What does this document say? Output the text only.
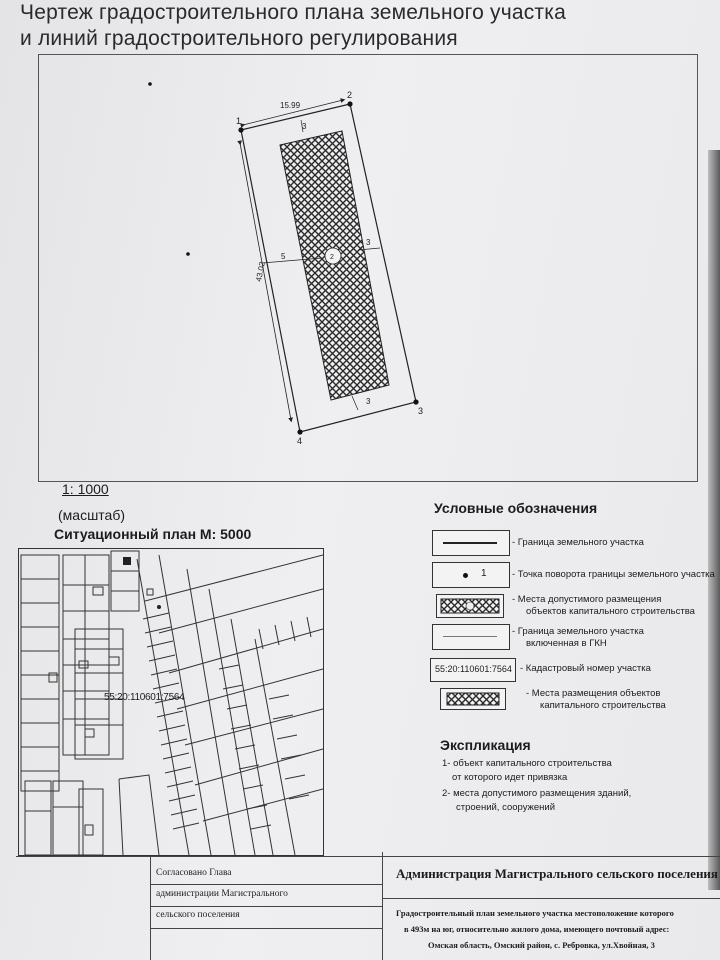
Чертеж градостроительного плана земельного участка
и линий градостроительного регулирования
15.99
43.02
3
5
3
3
2
1
2
3
4
1: 1000
(масштаб)
Ситуационный план М: 5000
55:20:110601:7564
Условные обозначения
- Граница земельного участка
1	- Точка поворота границы земельного участка
- Места допустимого размещения
объектов капитального строительства
- Граница земельного участка
включенная в ГКН
55:20:110601:7564 - Кадастровый номер участка
- Места размещения объектов
капитального строительства
Экспликация
1- объект капитального строительства
от которого идет привязка
2- места допустимого размещения зданий,
строений, сооружений
Согласовано Глава
администрации Магистрального
сельского поселения
Администрация Магистрального сельского поселения
Градостроительный план земельного участка местоположение которого
в 493м на юг, относительно жилого дома, имеющего почтовый адрес:
Омская область, Омский район, с. Ребровка, ул.Хвойная, 3
